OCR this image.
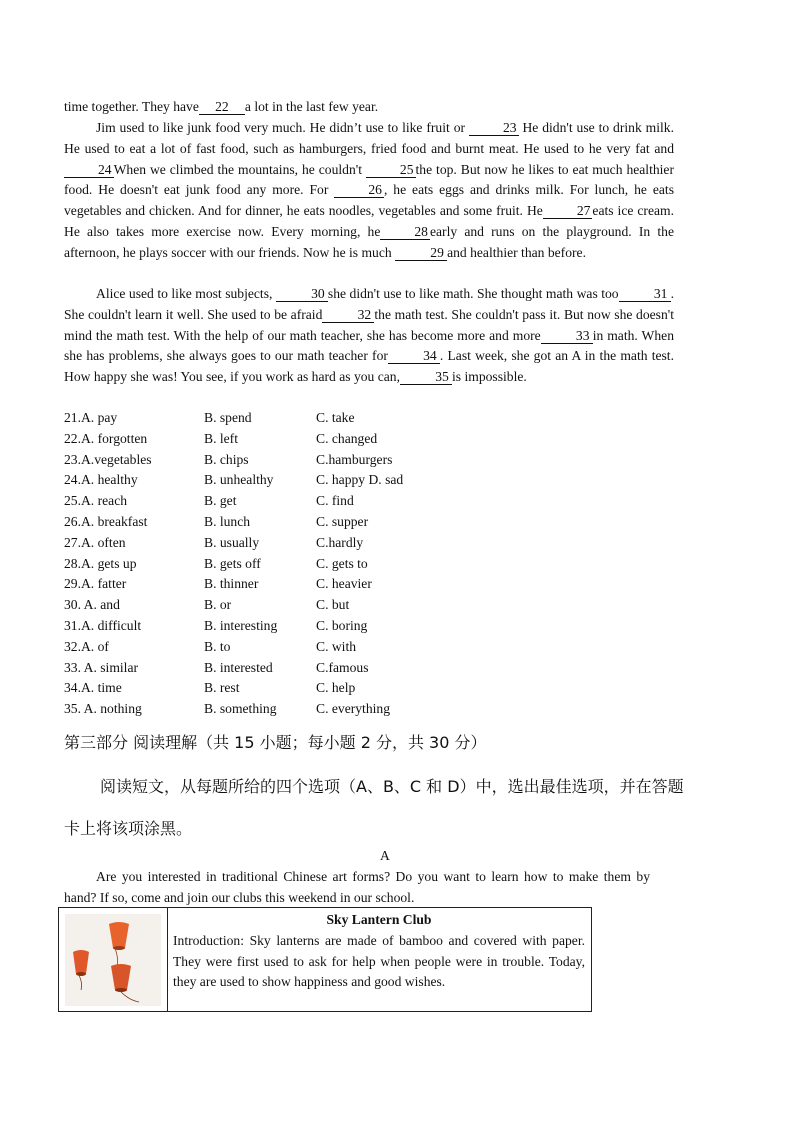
time together. They have 22 a lot in the last few year.

Jim used to like junk food very much. He didn’t use to like fruit or	23 He didn't use to drink milk. He used to eat a lot of fast food, such as hamburgers, fried food and burnt meat. He used to he very fat and24 When we climbed the mountains, he couldn't	25 the top. But now he likes to eat much healthier food. He doesn't eat junk food any more. For	26 , he eats eggs and drinks milk. For lunch, he eats vegetables and chicken. And for dinner, he eats noodles, vegetables and some fruit. He	27 eats ice cream. He also takes more exercise now. Every morning, he	28 early and runs on the playground. In the afternoon, he plays soccer with our friends. Now he is much	29 and healthier than before.

Alice used to like most subjects,	30 she didn't use to like math. She thought math was too	31 . She couldn't learn it well. She used to be afraid	32 the math test. She couldn't pass it. But now she doesn't mind the math test. With the help of our math teacher, she has become more and more	33 in math. When she has problems, she always goes to our math teacher for	34 . Last week, she got an A in the math test. How happy she was! You see, if you work as hard as you can,	35 is impossible.

21.A. pay	B. spend	C. take
22.A. forgotten	B. left	C. changed
23.A.vegetables	B. chips	C.hamburgers
24.A. healthy	B. unhealthy	C. happy D. sad
25.A. reach	B. get	C. find
26.A. breakfast	B. lunch	C. supper
27.A. often	B. usually	C.hardly
28.A. gets up	B. gets off	C. gets to
29.A. fatter	B. thinner	C. heavier
30. A. and	B. or	C. but
31.A. difficult	B. interesting	C. boring
32.A. of	B. to	C. with
33. A. similar	B. interested	C.famous
34.A. time	B. rest	C. help
35. A. nothing	B. something	C. everything
第三部分 阅读理解（共 15 小题；每小题 2 分，共 30 分）
阅读短文，从每题所给的四个选项（A、B、C 和 D）中，选出最佳选项，并在答题卡上将该项涂黑。
A
Are you interested in traditional Chinese art forms? Do you want to learn how to make them by hand? If so, come and join our clubs this weekend in our school.
Sky Lantern Club
Introduction: Sky lanterns are made of bamboo and covered with paper. They were first used to ask for help when people were in trouble. Today, they are used to show happiness and good wishes.
